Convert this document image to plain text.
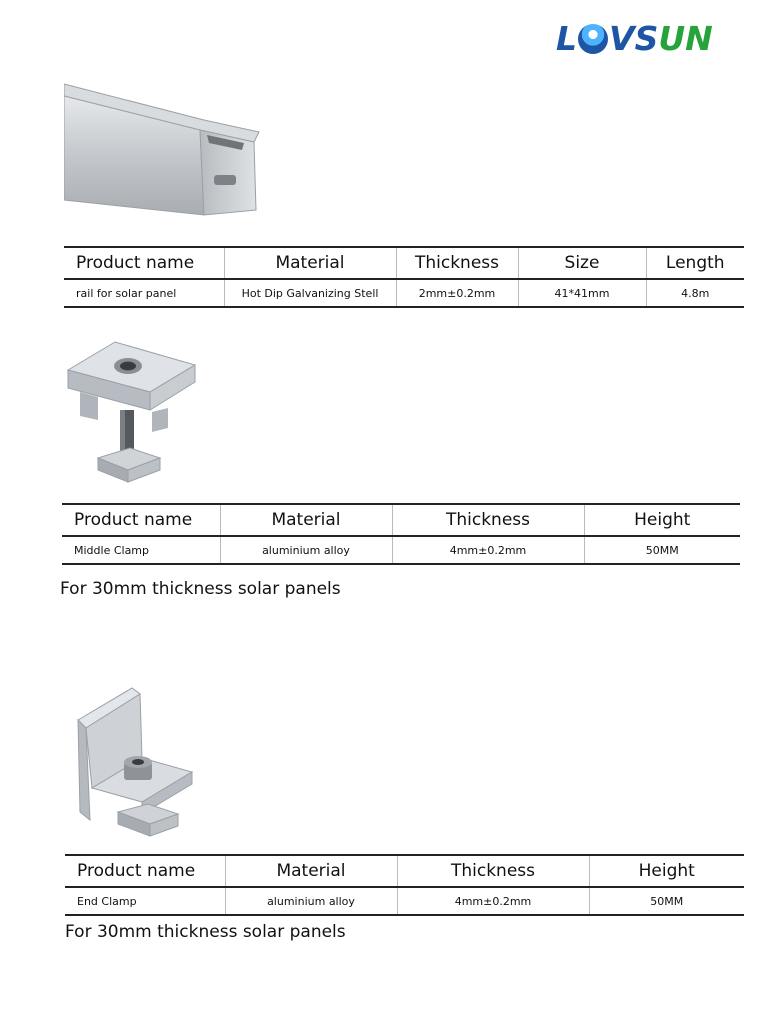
L VS UN
Product name	Material	Thickness	Size	Length
rail for solar panel	Hot Dip Galvanizing Stell	2mm±0.2mm	41*41mm	4.8m
Product name	Material	Thickness	Height
Middle Clamp	aluminium alloy	4mm±0.2mm	50MM
For 30mm thickness solar panels
Product name	Material	Thickness	Height
End Clamp	aluminium alloy	4mm±0.2mm	50MM
For 30mm thickness solar panels
